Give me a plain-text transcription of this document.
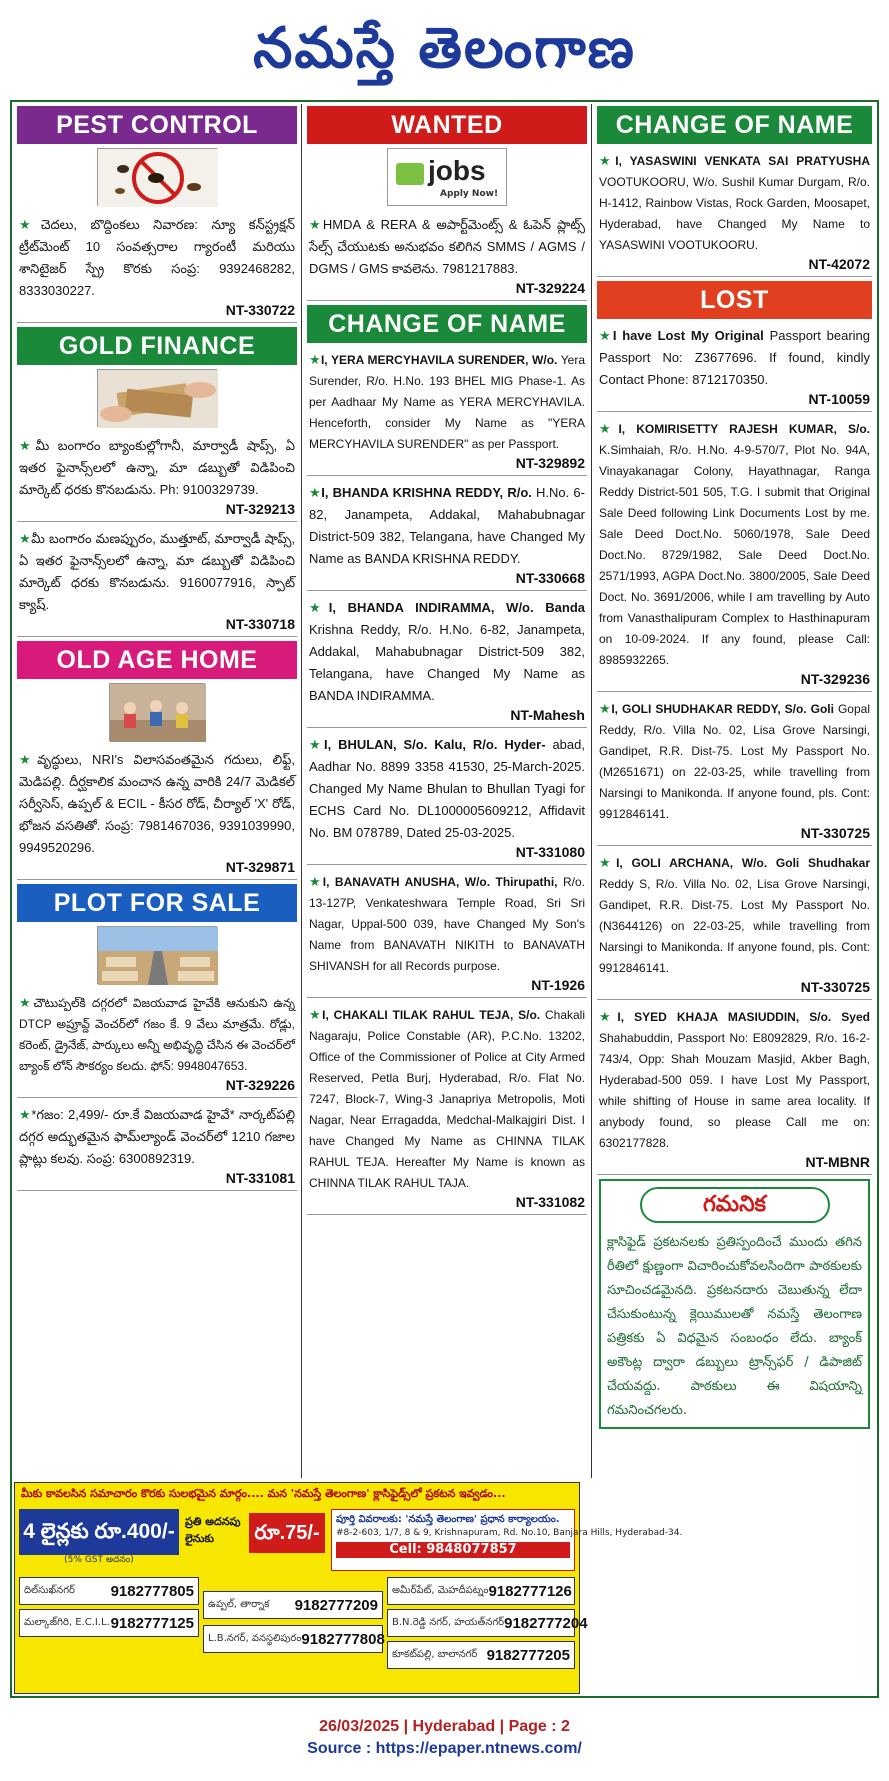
నమస్తే తెలంగాణ
PEST CONTROL
★చెదలు, బొద్దింకలు నివారణ: న్యూ కన్‌స్ట్రక్షన్ ట్రీట్‌మెంట్ 10 సంవత్సరాల గ్యారంటీ మరియు శానిటైజర్ స్ప్రే కొరకు సంప్ర: 9392468282, 8333030227.
NT-330722
GOLD FINANCE
★మీ బంగారం బ్యాంకుల్లోగానీ, మార్వాడీ షాప్స్, ఏ ఇతర ఫైనాన్స్‌లలో ఉన్నా, మా డబ్బుతో విడిపించి మార్కెట్ ధరకు కొనబడును. Ph: 9100329739.
NT-329213
★మీ బంగారం మణప్పురం, ముత్తూట్, మార్వాడీ షాప్స్, ఏ ఇతర ఫైనాన్స్‌లలో ఉన్నా, మా డబ్బుతో విడిపించి మార్కెట్ ధరకు కొనబడును. 9160077916, స్పాట్ క్యాష్.
NT-330718
OLD AGE HOME
★వృద్ధులు, NRI's విలాసవంతమైన గదులు, లిఫ్ట్, మెడిపల్లి. దీర్ఘకాలిక మంచాన ఉన్న వారికి 24/7 మెడికల్ సర్వీసెస్, ఉప్పల్ & ECIL - కీసర రోడ్, చీర్యాల్ 'X' రోడ్, భోజన వసతితో. సంప్ర: 7981467036, 9391039990, 9949520296.
NT-329871
PLOT FOR SALE
★చౌటుప్పల్‌కి దగ్గరలో విజయవాడ హైవేకి ఆనుకుని ఉన్న DTCP అప్రూవ్డ్ వెంచర్‌లో గజం కే. 9 వేలు మాత్రమే. రోడ్లు, కరెంట్, డ్రైనేజ్, పార్కులు అన్నీ అభివృద్ధి చేసిన ఈ వెంచర్‌లో బ్యాంక్ లోన్ సౌకర్యం కలదు. ఫోన్: 9948047653.
NT-329226
★*గజం: 2,499/- రూ.కే విజయవాడ హైవే* నార్కట్‌పల్లి దగ్గర అద్భుతమైన ఫామ్‌ల్యాండ్ వెంచర్‌లో 1210 గజాల ప్లాట్లు కలవు. సంప్ర: 6300892319.
NT-331081
WANTED
jobs
Apply Now!
★HMDA & RERA & అపార్ట్‌మెంట్స్ & ఓపెన్ ప్లాట్స్ సేల్స్ చేయుటకు అనుభవం కలిగిన SMMS / AGMS / DGMS / GMS కావలెను. 7981217883.
NT-329224
CHANGE OF NAME
★I, YERA MERCYHAVILA SURENDER, W/o. Yera Surender, R/o. H.No. 193 BHEL MIG Phase-1. As per Aadhaar My Name as YERA MERCYHAVILA. Henceforth, consider My Name as "YERA MERCYHAVILA SURENDER" as per Passport.
NT-329892
★I, BHANDA KRISHNA REDDY, R/o. H.No. 6-82, Janampeta, Addakal, Mahabubnagar District-509 382, Telangana, have Changed My Name as BANDA KRISHNA REDDY.
NT-330668
★I, BHANDA INDIRAMMA, W/o. Banda Krishna Reddy, R/o. H.No. 6-82, Janampeta, Addakal, Mahabubnagar District-509 382, Telangana, have Changed My Name as BANDA INDIRAMMA.
NT-Mahesh
★I, BHULAN, S/o. Kalu, R/o. Hyder- abad, Aadhar No. 8899 3358 41530, 25-March-2025. Changed My Name Bhulan to Bhullan Tyagi for ECHS Card No. DL1000005609212, Affidavit No. BM 078789, Dated 25-03-2025.
NT-331080
★I, BANAVATH ANUSHA, W/o. Thirupathi, R/o. 13-127P, Venkateshwara Temple Road, Sri Sri Nagar, Uppal-500 039, have Changed My Son's Name from BANAVATH NIKITH to BANAVATH SHIVANSH for all Records purpose.
NT-1926
★I, CHAKALI TILAK RAHUL TEJA, S/o. Chakali Nagaraju, Police Constable (AR), P.C.No. 13202, Office of the Commissioner of Police at City Armed Reserved, Petla Burj, Hyderabad, R/o. Flat No. 7247, Block-7, Wing-3 Janapriya Metropolis, Moti Nagar, Near Erragadda, Medchal-Malkajgiri Dist. I have Changed My Name as CHINNA TILAK RAHUL TEJA. Hereafter My Name is known as CHINNA TILAK RAHUL TAJA.
NT-331082
CHANGE OF NAME
★I, YASASWINI VENKATA SAI PRATYUSHA VOOTUKOORU, W/o. Sushil Kumar Durgam, R/o. H-1412, Rainbow Vistas, Rock Garden, Moosapet, Hyderabad, have Changed My Name to YASASWINI VOOTUKOORU.
NT-42072
LOST
★I have Lost My Original Passport bearing Passport No: Z3677696. If found, kindly Contact Phone: 8712170350.
NT-10059
★I, KOMIRISETTY RAJESH KUMAR, S/o. K.Simhaiah, R/o. H.No. 4-9-570/7, Plot No. 94A, Vinayakanagar Colony, Hayathnagar, Ranga Reddy District-501 505, T.G. I submit that Original Sale Deed following Link Documents Lost by me. Sale Deed Doct.No. 5060/1978, Sale Deed Doct.No. 8729/1982, Sale Deed Doct.No. 2571/1993, AGPA Doct.No. 3800/2005, Sale Deed Doct. No. 3691/2006, while I am travelling by Auto from Vanasthalipuram Complex to Hasthinapuram on 10-09-2024. If any found, please Call: 8985932265.
NT-329236
★I, GOLI SHUDHAKAR REDDY, S/o. Goli Gopal Reddy, R/o. Villa No. 02, Lisa Grove Narsingi, Gandipet, R.R. Dist-75. Lost My Passport No. (M2651671) on 22-03-25, while travelling from Narsingi to Manikonda. If anyone found, pls. Cont: 9912846141.
NT-330725
★I, GOLI ARCHANA, W/o. Goli Shudhakar Reddy S, R/o. Villa No. 02, Lisa Grove Narsingi, Gandipet, R.R. Dist-75. Lost My Passport No. (N3644126) on 22-03-25, while travelling from Narsingi to Manikonda. If anyone found, pls. Cont: 9912846141.
NT-330725
★I, SYED KHAJA MASIUDDIN, S/o. Syed Shahabuddin, Passport No: E8092829, R/o. 16-2-743/4, Opp: Shah Mouzam Masjid, Akber Bagh, Hyderabad-500 059. I have Lost My Passport, while shifting of House in same area locality. If anybody found, so please Call me on: 6302177828.
NT-MBNR
గమనిక
క్లాసిఫైడ్ ప్రకటనలకు ప్రతిస్పందించే ముందు తగిన రీతిలో క్షుణ్ణంగా విచారించుకోవలసిందిగా పాఠకులకు సూచించడమైనది. ప్రకటనదారు చెబుతున్న లేదా చేసుకుంటున్న క్లెయిములతో నమస్తే తెలంగాణ పత్రికకు ఏ విధమైన సంబంధం లేదు. బ్యాంక్ అకౌంట్ల ద్వారా డబ్బులు ట్రాన్స్‌ఫర్ / డిపాజిట్ చేయవద్దు. పాఠకులు ఈ విషయాన్ని గమనించగలరు.
మీకు కావలసిన సమాచారం కొరకు సులభమైన మార్గం.... మన 'నమస్తే తెలంగాణ' క్లాసిఫైడ్స్‌లో ప్రకటన ఇవ్వడం...
4 లైన్లకు రూ.400/-
(5% GST అదనం)
ప్రతి అదనపు లైనుకు	రూ.75/-
పూర్తి వివరాలకు: 'నమస్తే తెలంగాణ' ప్రధాన కార్యాలయం.
#8-2-603, 1/7, 8 & 9, Krishnapuram, Rd. No.10, Banjara Hills, Hyderabad-34.
Cell: 9848077857
దిల్‌సుఖ్‌నగర్ 9182777805
ఉప్పల్, తార్నాక 9182777209
అమీర్‌పేట్, మెహదీపట్నం 9182777126
మల్కాజ్‌గిరి, E.C.I.L. 9182777125
L.B.నగర్, వనస్థలిపురం 9182777808
B.N.రెడ్డి నగర్, హయత్‌నగర్ 9182777204
కూకట్‌పల్లి, బాలానగర్ 9182777205
26/03/2025 | Hyderabad | Page : 2
Source : https://epaper.ntnews.com/
